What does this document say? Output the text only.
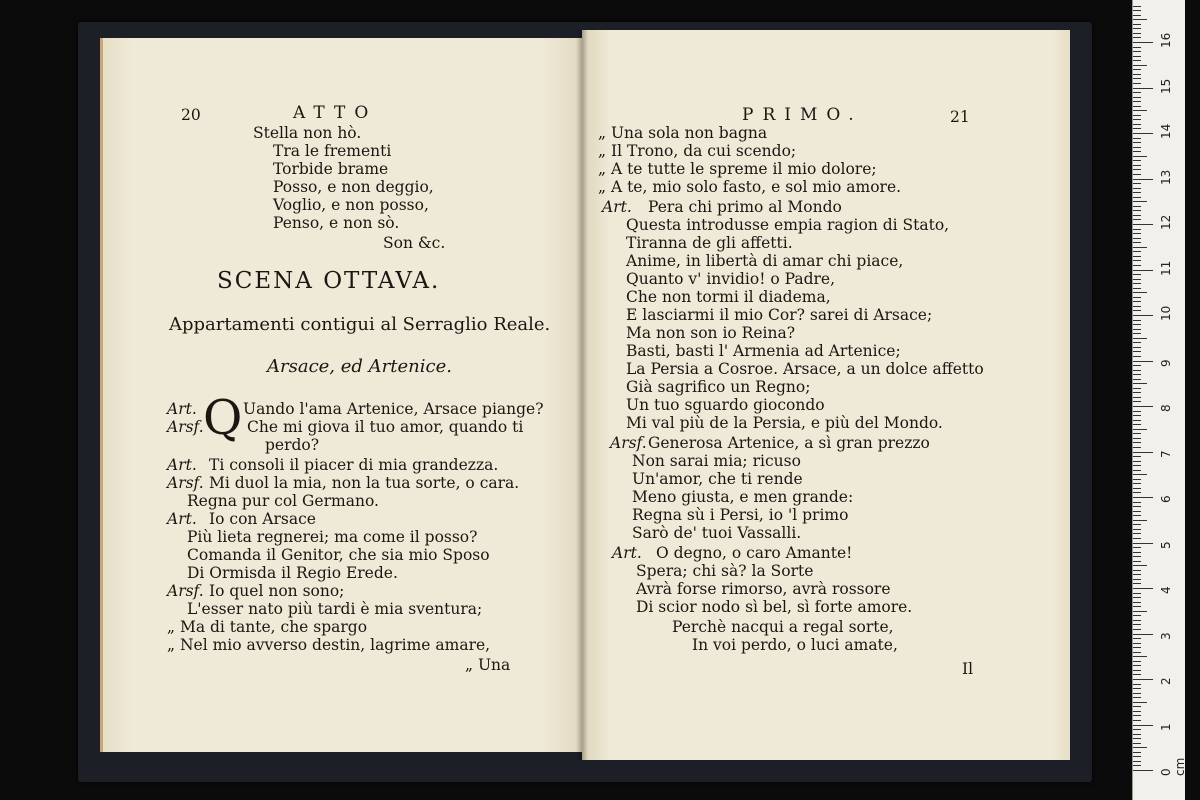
20	ATTO
Stella non hò.
Tra le frementi
Torbide brame
Posso, e non deggio,
Voglio, e non posso,
Penso, e non sò.
Son &c.
SCENA OTTAVA.
Appartamenti contigui al Serraglio Reale.
Arsace, ed Artenice.
Art. Q Uando l'ama Artenice, Arsace piange?
Arsf.	Che mi giova il tuo amor, quando ti
perdo?
Art. Ti consoli il piacer di mia grandezza.
Arsf. Mi duol la mia, non la tua sorte, o cara.
Regna pur col Germano.
Art. Io con Arsace
Più lieta regnerei; ma come il posso?
Comanda il Genitor, che sia mio Sposo
Di Ormisda il Regio Erede.
Arsf. Io quel non sono;
L'esser nato più tardi è mia sventura;
„ Ma di tante, che spargo
„ Nel mio avverso destin, lagrime amare,
„ Una
PRIMO.	21
„ Una sola non bagna
„ Il Trono, da cui scendo;
„ A te tutte le spreme il mio dolore;
„ A te, mio solo fasto, e sol mio amore.
Art. Pera chi primo al Mondo
Questa introdusse empia ragion di Stato,
Tiranna de gli affetti.
Anime, in libertà di amar chi piace,
Quanto v' invidio! o Padre,
Che non tormi il diadema,
E lasciarmi il mio Cor? sarei di Arsace;
Ma non son io Reina?
Basti, basti l' Armenia ad Artenice;
La Persia a Cosroe. Arsace, a un dolce affetto
Già sagrifico un Regno;
Un tuo sguardo giocondo
Mi val più de la Persia, e più del Mondo.
Arsf. Generosa Artenice, a sì gran prezzo
Non sarai mia; ricuso
Un'amor, che ti rende
Meno giusta, e men grande:
Regna sù i Persi, io 'l primo
Sarò de' tuoi Vassalli.
Art. O degno, o caro Amante!
Spera; chi sà? la Sorte
Avrà forse rimorso, avrà rossore
Di scior nodo sì bel, sì forte amore.
Perchè nacqui a regal sorte,
In voi perdo, o luci amate,
Il
0 cm
1
2
3
4
5
6
7
8
9
10
11
12
13
14
15
16
